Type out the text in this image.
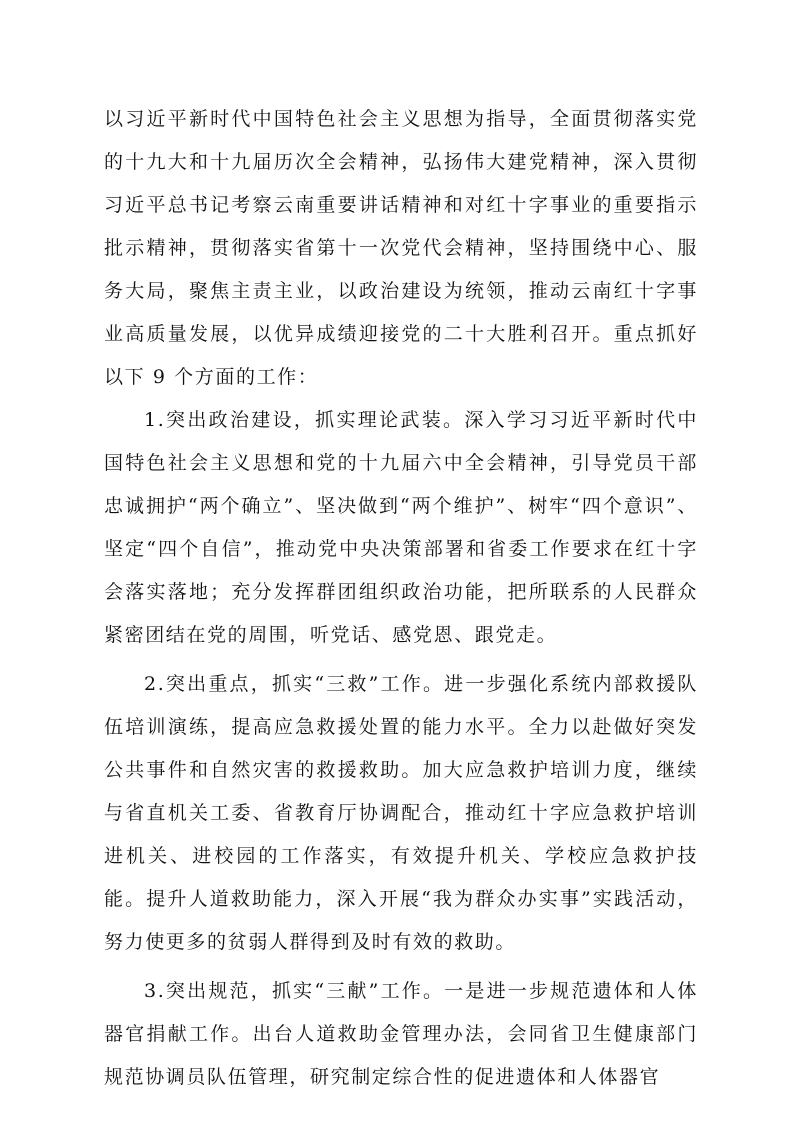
以习近平新时代中国特色社会主义思想为指导，全面贯彻落实党的十九大和十九届历次全会精神，弘扬伟大建党精神，深入贯彻习近平总书记考察云南重要讲话精神和对红十字事业的重要指示批示精神，贯彻落实省第十一次党代会精神，坚持围绕中心、服务大局，聚焦主责主业，以政治建设为统领，推动云南红十字事业高质量发展，以优异成绩迎接党的二十大胜利召开。重点抓好以下 9 个方面的工作：

1.突出政治建设，抓实理论武装。深入学习习近平新时代中国特色社会主义思想和党的十九届六中全会精神，引导党员干部忠诚拥护“两个确立”、坚决做到“两个维护”、树牢“四个意识”、坚定“四个自信”，推动党中央决策部署和省委工作要求在红十字会落实落地；充分发挥群团组织政治功能，把所联系的人民群众紧密团结在党的周围，听党话、感党恩、跟党走。

2.突出重点，抓实“三救”工作。进一步强化系统内部救援队伍培训演练，提高应急救援处置的能力水平。全力以赴做好突发公共事件和自然灾害的救援救助。加大应急救护培训力度，继续与省直机关工委、省教育厅协调配合，推动红十字应急救护培训进机关、进校园的工作落实，有效提升机关、学校应急救护技能。提升人道救助能力，深入开展“我为群众办实事”实践活动，努力使更多的贫弱人群得到及时有效的救助。

3.突出规范，抓实“三献”工作。一是进一步规范遗体和人体器官捐献工作。出台人道救助金管理办法，会同省卫生健康部门规范协调员队伍管理，研究制定综合性的促进遗体和人体器官
